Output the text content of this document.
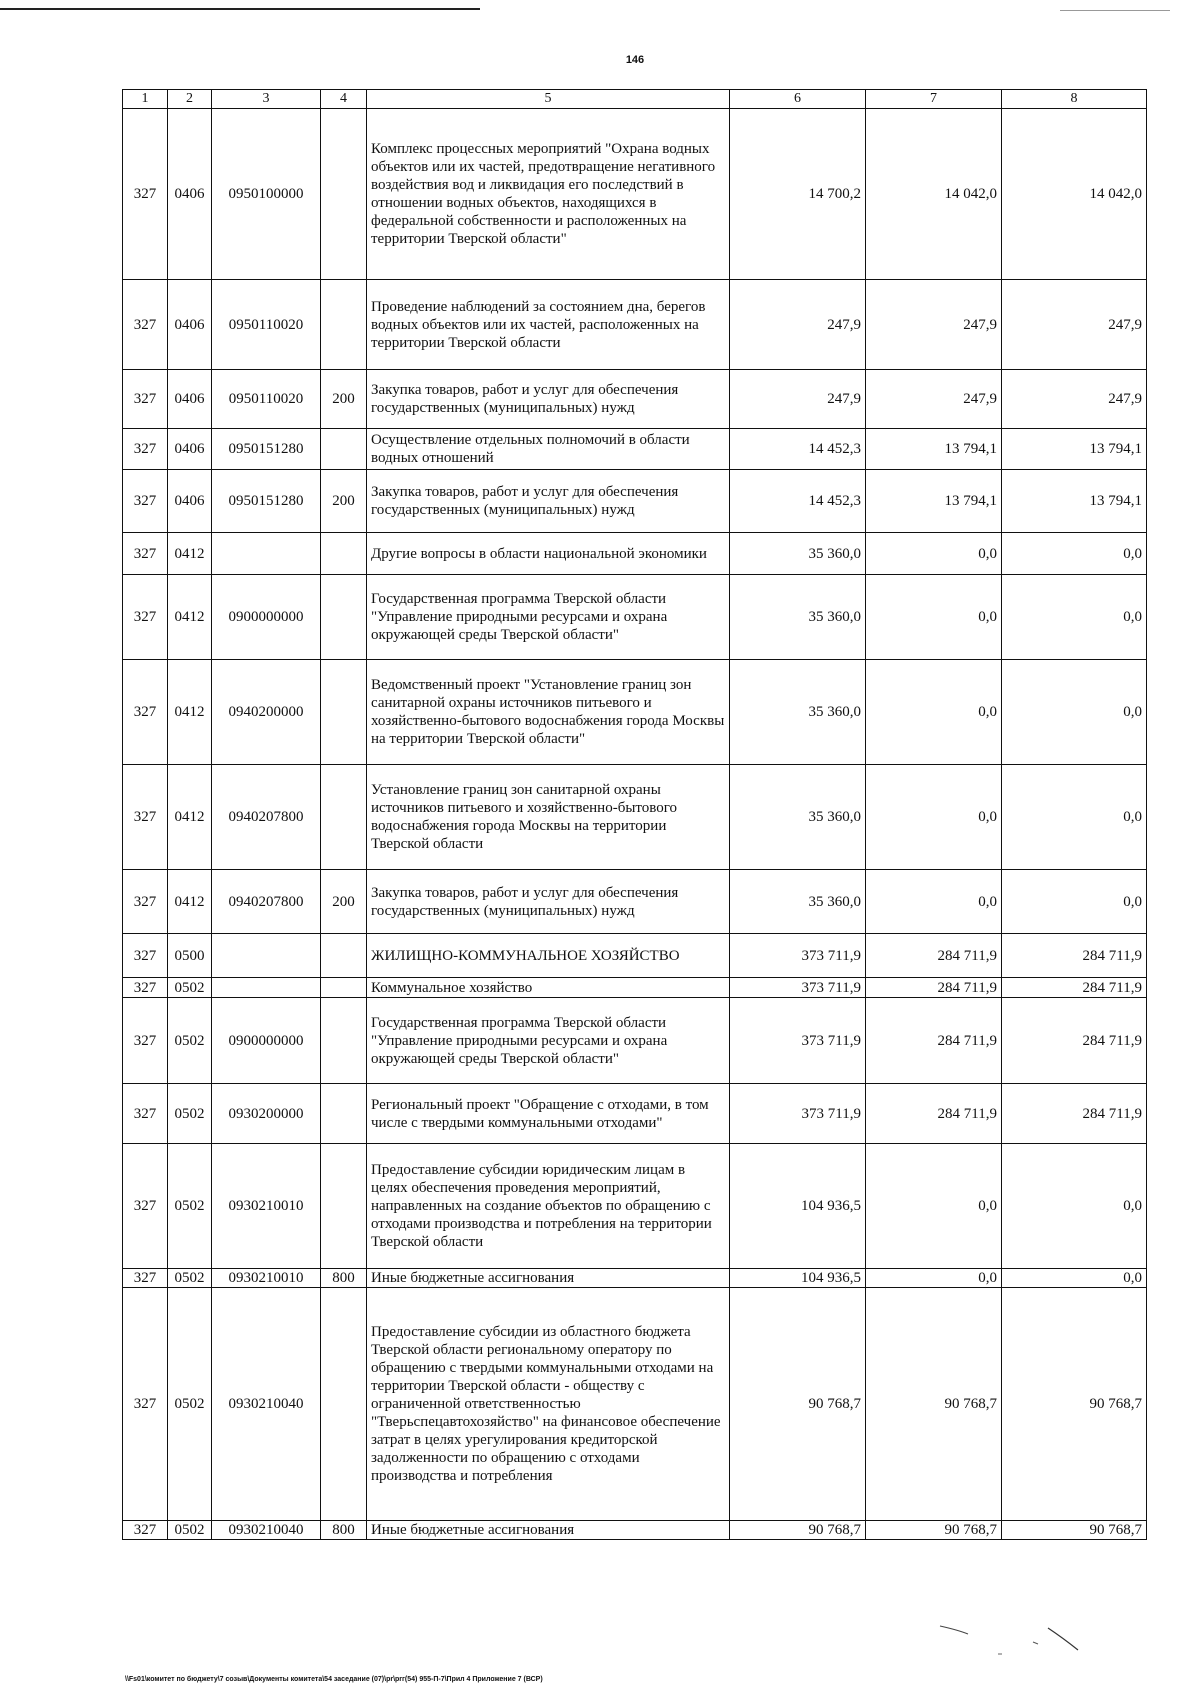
146
1	2	3	4	5	6	7	8
327	0406	0950100000		Комплекс процессных мероприятий "Охрана водных объектов или их частей, предотвращение негативного воздействия вод и ликвидация его последствий в отношении водных объектов, находящихся в федеральной собственности и расположенных на территории Тверской области"	14 700,2	14 042,0	14 042,0
327	0406	0950110020		Проведение наблюдений за состоянием дна, берегов водных объектов или их частей, расположенных на территории Тверской области	247,9	247,9	247,9
327	0406	0950110020	200	Закупка товаров, работ и услуг для обеспечения государственных (муниципальных) нужд	247,9	247,9	247,9
327	0406	0950151280		Осуществление отдельных полномочий в области водных отношений	14 452,3	13 794,1	13 794,1
327	0406	0950151280	200	Закупка товаров, работ и услуг для обеспечения государственных (муниципальных) нужд	14 452,3	13 794,1	13 794,1
327	0412			Другие вопросы в области национальной экономики	35 360,0	0,0	0,0
327	0412	0900000000		Государственная программа Тверской области "Управление природными ресурсами и охрана окружающей среды Тверской области"	35 360,0	0,0	0,0
327	0412	0940200000		Ведомственный проект "Установление границ зон санитарной охраны источников питьевого и хозяйственно-бытового водоснабжения города Москвы на территории Тверской области"	35 360,0	0,0	0,0
327	0412	0940207800		Установление границ зон санитарной охраны источников питьевого и хозяйственно-бытового водоснабжения города Москвы на территории Тверской области	35 360,0	0,0	0,0
327	0412	0940207800	200	Закупка товаров, работ и услуг для обеспечения государственных (муниципальных) нужд	35 360,0	0,0	0,0
327	0500			ЖИЛИЩНО-КОММУНАЛЬНОЕ ХОЗЯЙСТВО	373 711,9	284 711,9	284 711,9
327	0502			Коммунальное хозяйство	373 711,9	284 711,9	284 711,9
327	0502	0900000000		Государственная программа Тверской области "Управление природными ресурсами и охрана окружающей среды Тверской области"	373 711,9	284 711,9	284 711,9
327	0502	0930200000		Региональный проект "Обращение с отходами, в том числе с твердыми коммунальными отходами"	373 711,9	284 711,9	284 711,9
327	0502	0930210010		Предоставление субсидии юридическим лицам в целях обеспечения проведения мероприятий, направленных на создание объектов по обращению с отходами производства и потребления на территории Тверской области	104 936,5	0,0	0,0
327	0502	0930210010	800	Иные бюджетные ассигнования	104 936,5	0,0	0,0
327	0502	0930210040		Предоставление субсидии из областного бюджета Тверской области региональному оператору по обращению с твердыми коммунальными отходами на территории Тверской области - обществу с ограниченной ответственностью "Тверьспецавтохозяйство" на финансовое обеспечение затрат в целях урегулирования кредиторской задолженности по обращению с отходами производства и потребления	90 768,7	90 768,7	90 768,7
327	0502	0930210040	800	Иные бюджетные ассигнования	90 768,7	90 768,7	90 768,7
\\Fs01\комитет по бюджету\7 созыв\Документы комитета\54 заседание (07)\pr\prг(54) 955-П-7\Прил 4 Приложение 7 (ВСР)
